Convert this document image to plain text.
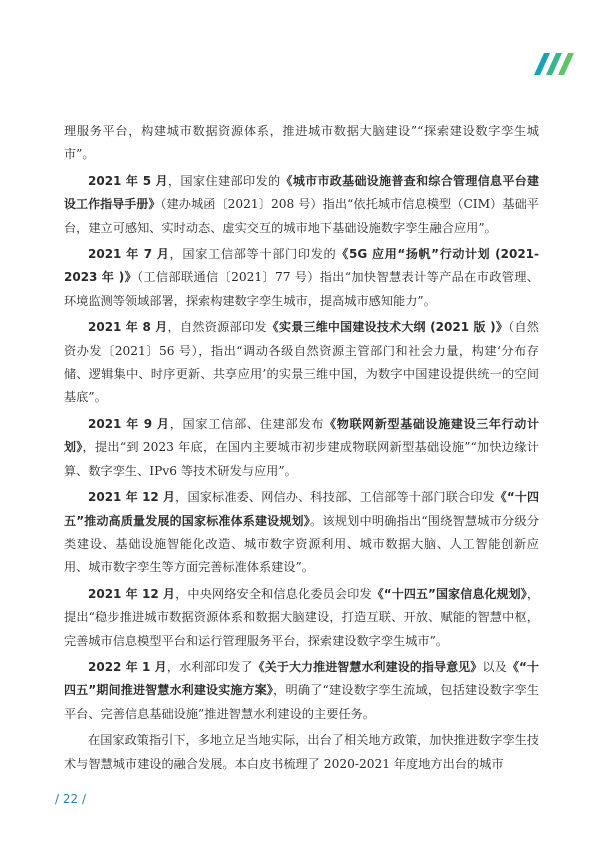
理服务平台，构建城市数据资源体系，推进城市数据大脑建设”“探索建设数字孪生城市”。

2021 年 5 月，国家住建部印发的《城市市政基础设施普查和综合管理信息平台建设工作指导手册》（建办城函〔2021〕208 号）指出“依托城市信息模型（CIM）基础平台，建立可感知、实时动态、虚实交互的城市地下基础设施数字孪生融合应用”。

2021 年 7 月，国家工信部等十部门印发的《5G 应用“扬帆”行动计划 (2021-2023 年 )》（工信部联通信〔2021〕77 号）指出“加快智慧表计等产品在市政管理、环境监测等领域部署，探索构建数字孪生城市，提高城市感知能力”。

2021 年 8 月，自然资源部印发《实景三维中国建设技术大纲 (2021 版 )》（自然资办发〔2021〕56 号），指出“调动各级自然资源主管部门和社会力量，构建‘分布存储、逻辑集中、时序更新、共享应用’的实景三维中国，为数字中国建设提供统一的空间基底”。

2021 年 9 月，国家工信部、住建部发布《物联网新型基础设施建设三年行动计划》，提出“到 2023 年底，在国内主要城市初步建成物联网新型基础设施”“加快边缘计算、数字孪生、IPv6 等技术研发与应用”。

2021 年 12 月，国家标准委、网信办、科技部、工信部等十部门联合印发《“十四五”推动高质量发展的国家标准体系建设规划》。该规划中明确指出“围绕智慧城市分级分类建设、基础设施智能化改造、城市数字资源利用、城市数据大脑、人工智能创新应用、城市数字孪生等方面完善标准体系建设”。

2021 年 12 月，中央网络安全和信息化委员会印发《“十四五”国家信息化规划》，提出“稳步推进城市数据资源体系和数据大脑建设，打造互联、开放、赋能的智慧中枢，完善城市信息模型平台和运行管理服务平台，探索建设数字孪生城市”。

2022 年 1 月，水利部印发了《关于大力推进智慧水利建设的指导意见》以及《“十四五”期间推进智慧水利建设实施方案》，明确了“建设数字孪生流域，包括建设数字孪生平台、完善信息基础设施”推进智慧水利建设的主要任务。

在国家政策指引下，多地立足当地实际，出台了相关地方政策，加快推进数字孪生技术与智慧城市建设的融合发展。本白皮书梳理了 2020-2021 年度地方出台的城市

/ 22 /
